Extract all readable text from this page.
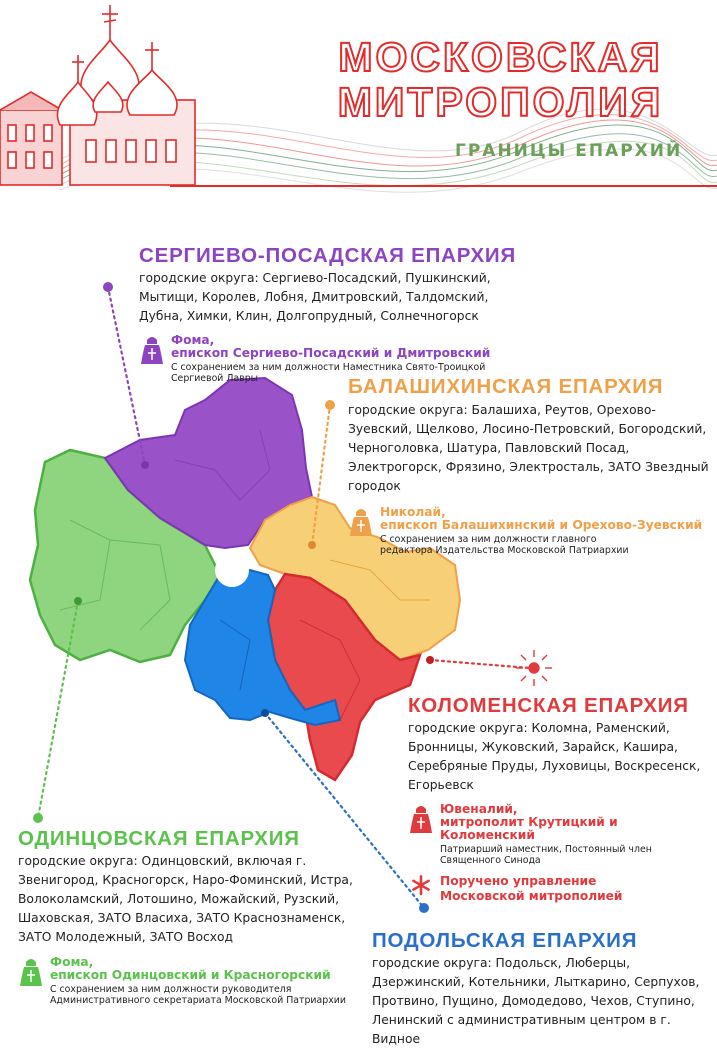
МОСКОВСКАЯ
МИТРОПОЛИЯ
ГРАНИЦЫ ЕПАРХИЙ
СЕРГИЕВО-ПОСАДСКАЯ ЕПАРХИЯ
городские округа: Сергиево-Посадский, Пушкинский, Мытищи, Королев, Лобня, Дмитровский, Талдомский, Дубна, Химки, Клин, Долгопрудный, Солнечногорск
Фома,
епископ Сергиево-Посадский и Дмитровский
С сохранением за ним должности Наместника Свято-Троицкой Сергиевой Лавры	БАЛАШИХИНСКАЯ ЕПАРХИЯ
городские округа: Балашиха, Реутов, Орехово-Зуевский, Щелково, Лосино-Петровский, Богородский, Черноголовка, Шатура, Павловский Посад, Электрогорск, Фрязино, Электросталь, ЗАТО Звездный городок
Николай,
епископ Балашихинский и Орехово-Зуевский
С сохранением за ним должности главного редактора Издательства Московской Патриархии
КОЛОМЕНСКАЯ ЕПАРХИЯ
городские округа: Коломна, Раменский, Бронницы, Жуковский, Зарайск, Кашира, Серебряные Пруды, Луховицы, Воскресенск, Егорьевск
Ювеналий,
митрополит Крутицкий и Коломенский
Патриарший наместник, Постоянный член Священного Синода
Поручено управление Московской митрополией
ОДИНЦОВСКАЯ ЕПАРХИЯ
городские округа: Одинцовский, включая г. Звенигород, Красногорск, Наро-Фоминский, Истра, Волоколамский, Лотошино, Можайский, Рузский, Шаховская, ЗАТО Власиха, ЗАТО Краснознаменск, ЗАТО Молодежный, ЗАТО Восход
Фома,
епископ Одинцовский и Красногорский
С сохранением за ним должности руководителя Административного секретариата Московской Патриархии
ПОДОЛЬСКАЯ ЕПАРХИЯ
городские округа: Подольск, Люберцы, Дзержинский, Котельники, Лыткарино, Серпухов, Протвино, Пущино, Домодедово, Чехов, Ступино, Ленинский с административным центром в г. Видное
